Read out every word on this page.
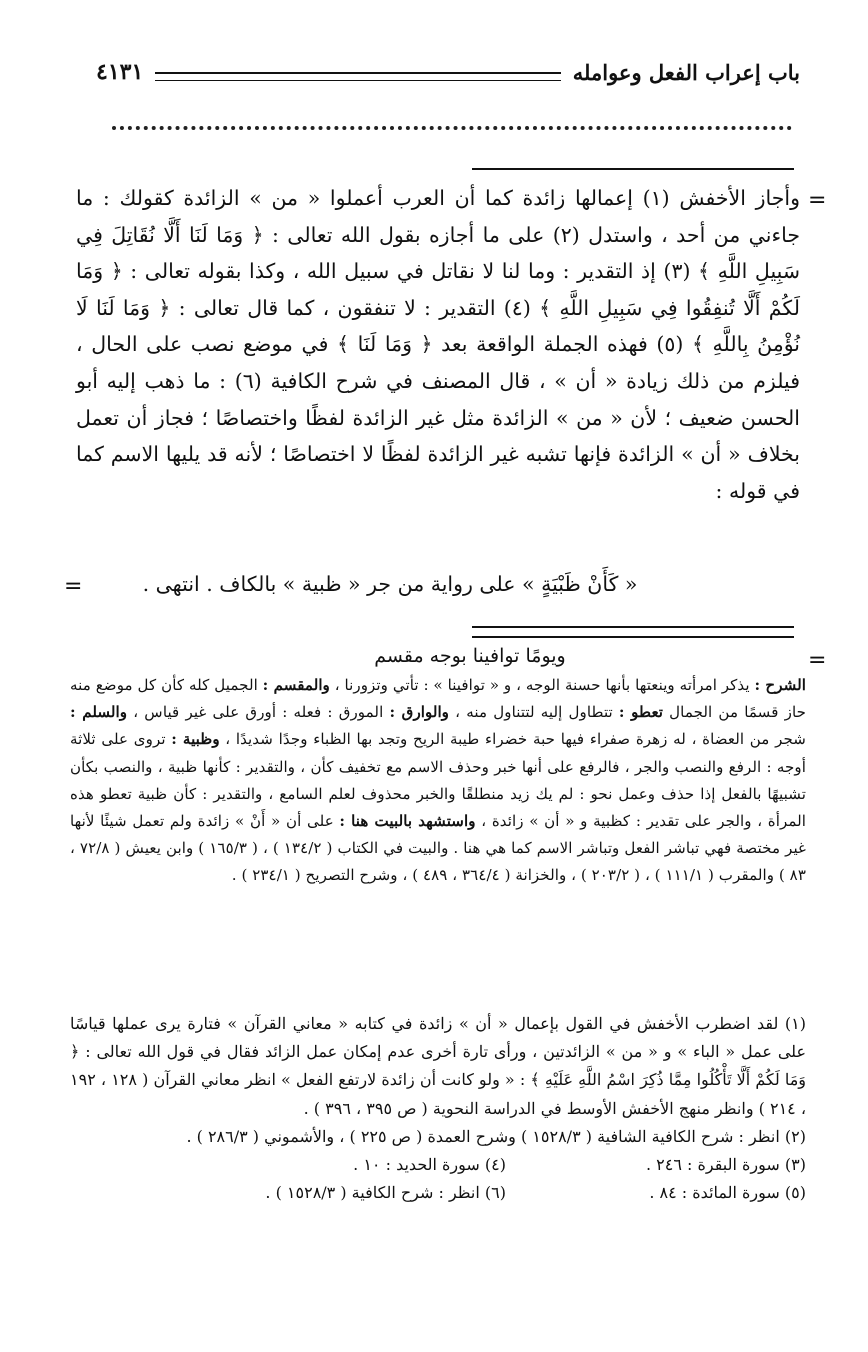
باب إعراب الفعل وعوامله
٤١٣١
=
=
=

وأجاز الأخفش (١) إعمالها زائدة كما أن العرب أعملوا « من » الزائدة كقولك : ما جاءني من أحد ، واستدل (٢) على ما أجازه بقول الله تعالى : ﴿ وَمَا لَنَا أَلَّا نُقَاتِلَ فِي سَبِيلِ اللَّهِ ﴾ (٣) إذ التقدير : وما لنا لا نقاتل في سبيل الله ، وكذا بقوله تعالى : ﴿ وَمَا لَكُمْ أَلَّا تُنفِقُوا فِي سَبِيلِ اللَّهِ ﴾ (٤) التقدير : لا تنفقون ، كما قال تعالى : ﴿ وَمَا لَنَا لَا نُؤْمِنُ بِاللَّهِ ﴾ (٥) فهذه الجملة الواقعة بعد ﴿ وَمَا لَنَا ﴾ في موضع نصب على الحال ، فيلزم من ذلك زيادة « أن » ، قال المصنف في شرح الكافية (٦) : ما ذهب إليه أبو الحسن ضعيف ؛ لأن « من » الزائدة مثل غير الزائدة لفظًا واختصاصًا ؛ فجاز أن تعمل بخلاف « أن » الزائدة فإنها تشبه غير الزائدة لفظًا لا اختصاصًا ؛ لأنه قد يليها الاسم كما في قوله :

« كَأَنْ ظَبْيَةٍ » على رواية من جر « ظبية » بالكاف . انتهى .
ويومًا توافينا بوجه مقسم

الشرح : يذكر امرأته وينعتها بأنها حسنة الوجه ، و « توافينا » : تأتي وتزورنا ، والمقسم : الجميل كله كأن كل موضع منه حاز قسمًا من الجمال تعطو : تتطاول إليه لتتناول منه ، والوارق : المورق : فعله : أورق على غير قياس ، والسلم : شجر من العضاة ، له زهرة صفراء فيها حبة خضراء طيبة الريح وتجد بها الظباء وجدًا شديدًا ، وظبية : تروى على ثلاثة أوجه : الرفع والنصب والجر ، فالرفع على أنها خبر وحذف الاسم مع تخفيف كأن ، والتقدير : كأنها ظبية ، والنصب بكأن تشبيهًا بالفعل إذا حذف وعمل نحو : لم يك زيد منطلقًا والخبر محذوف لعلم السامع ، والتقدير : كأن ظبية تعطو هذه المرأة ، والجر على تقدير : كظبية و « أن » زائدة ، واستشهد بالبيت هنا : على أن « أَنْ » زائدة ولم تعمل شيئًا لأنها غير مختصة فهي تباشر الفعل وتباشر الاسم كما هي هنا . والبيت في الكتاب ( ١٣٤/٢ ) ، ( ١٦٥/٣ ) وابن يعيش ( ٧٢/٨ ، ٨٣ ) والمقرب ( ١١١/١ ) ، ( ٢٠٣/٢ ) ، والخزانة ( ٣٦٤/٤ ، ٤٨٩ ) ، وشرح التصريح ( ٢٣٤/١ ) .

(١) لقد اضطرب الأخفش في القول بإعمال « أن » زائدة في كتابه « معاني القرآن » فتارة يرى عملها قياسًا على عمل « الباء » و « من » الزائدتين ، ورأى تارة أخرى عدم إمكان عمل الزائد فقال في قول الله تعالى : ﴿ وَمَا لَكُمْ أَلَّا تَأْكُلُوا مِمَّا ذُكِرَ اسْمُ اللَّهِ عَلَيْهِ ﴾ : « ولو كانت أن زائدة لارتفع الفعل » انظر معاني القرآن ( ١٢٨ ، ١٩٢ ، ٢١٤ ) وانظر منهج الأخفش الأوسط في الدراسة النحوية ( ص ٣٩٥ ، ٣٩٦ ) .

(٢) انظر : شرح الكافية الشافية ( ١٥٢٨/٣ ) وشرح العمدة ( ص ٢٢٥ ) ، والأشموني ( ٢٨٦/٣ ) .

(٣) سورة البقرة : ٢٤٦ .
(٤) سورة الحديد : ١٠ .
(٥) سورة المائدة : ٨٤ .
(٦) انظر : شرح الكافية ( ١٥٢٨/٣ ) .
